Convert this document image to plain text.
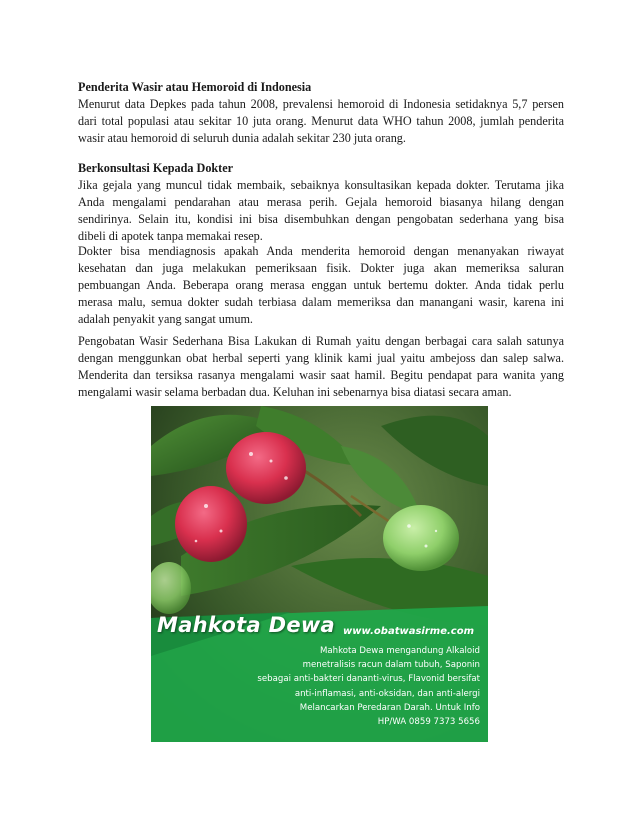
Penderita Wasir atau Hemoroid di Indonesia
Menurut data Depkes pada tahun 2008, prevalensi hemoroid di Indonesia setidaknya 5,7 persen
dari total populasi atau sekitar 10 juta orang. Menurut data WHO tahun 2008, jumlah penderita
wasir atau hemoroid di seluruh dunia adalah sekitar 230 juta orang.
Berkonsultasi Kepada Dokter
Jika gejala yang muncul tidak membaik, sebaiknya konsultasikan kepada dokter. Terutama jika
Anda mengalami pendarahan atau merasa perih. Gejala hemoroid biasanya hilang dengan
sendirinya. Selain itu, kondisi ini bisa disembuhkan dengan pengobatan sederhana yang bisa
dibeli di apotek tanpa memakai resep.
Dokter bisa mendiagnosis apakah Anda menderita hemoroid dengan menanyakan riwayat
kesehatan dan juga melakukan pemeriksaan fisik. Dokter juga akan memeriksa saluran
pembuangan Anda. Beberapa orang merasa enggan untuk bertemu dokter. Anda tidak perlu
merasa malu, semua dokter sudah terbiasa dalam memeriksa dan manangani wasir, karena ini
adalah penyakit yang sangat umum.
Pengobatan Wasir Sederhana Bisa Lakukan di Rumah yaitu dengan berbagai cara salah satunya
dengan menggunkan obat herbal seperti yang klinik kami jual yaitu ambejoss dan salep salwa.
Menderita dan tersiksa rasanya mengalami wasir saat hamil. Begitu pendapat para wanita yang
mengalami wasir selama berbadan dua. Keluhan ini sebenarnya bisa diatasi secara aman.
Mahkota Dewa www.obatwasirme.com
Mahkota Dewa mengandung Alkaloid
menetralisis racun dalam tubuh, Saponin
sebagai anti-bakteri dananti-virus, Flavonid bersifat
anti-inflamasi, anti-oksidan, dan anti-alergi
Melancarkan Peredaran Darah. Untuk Info
HP/WA 0859 7373 5656
